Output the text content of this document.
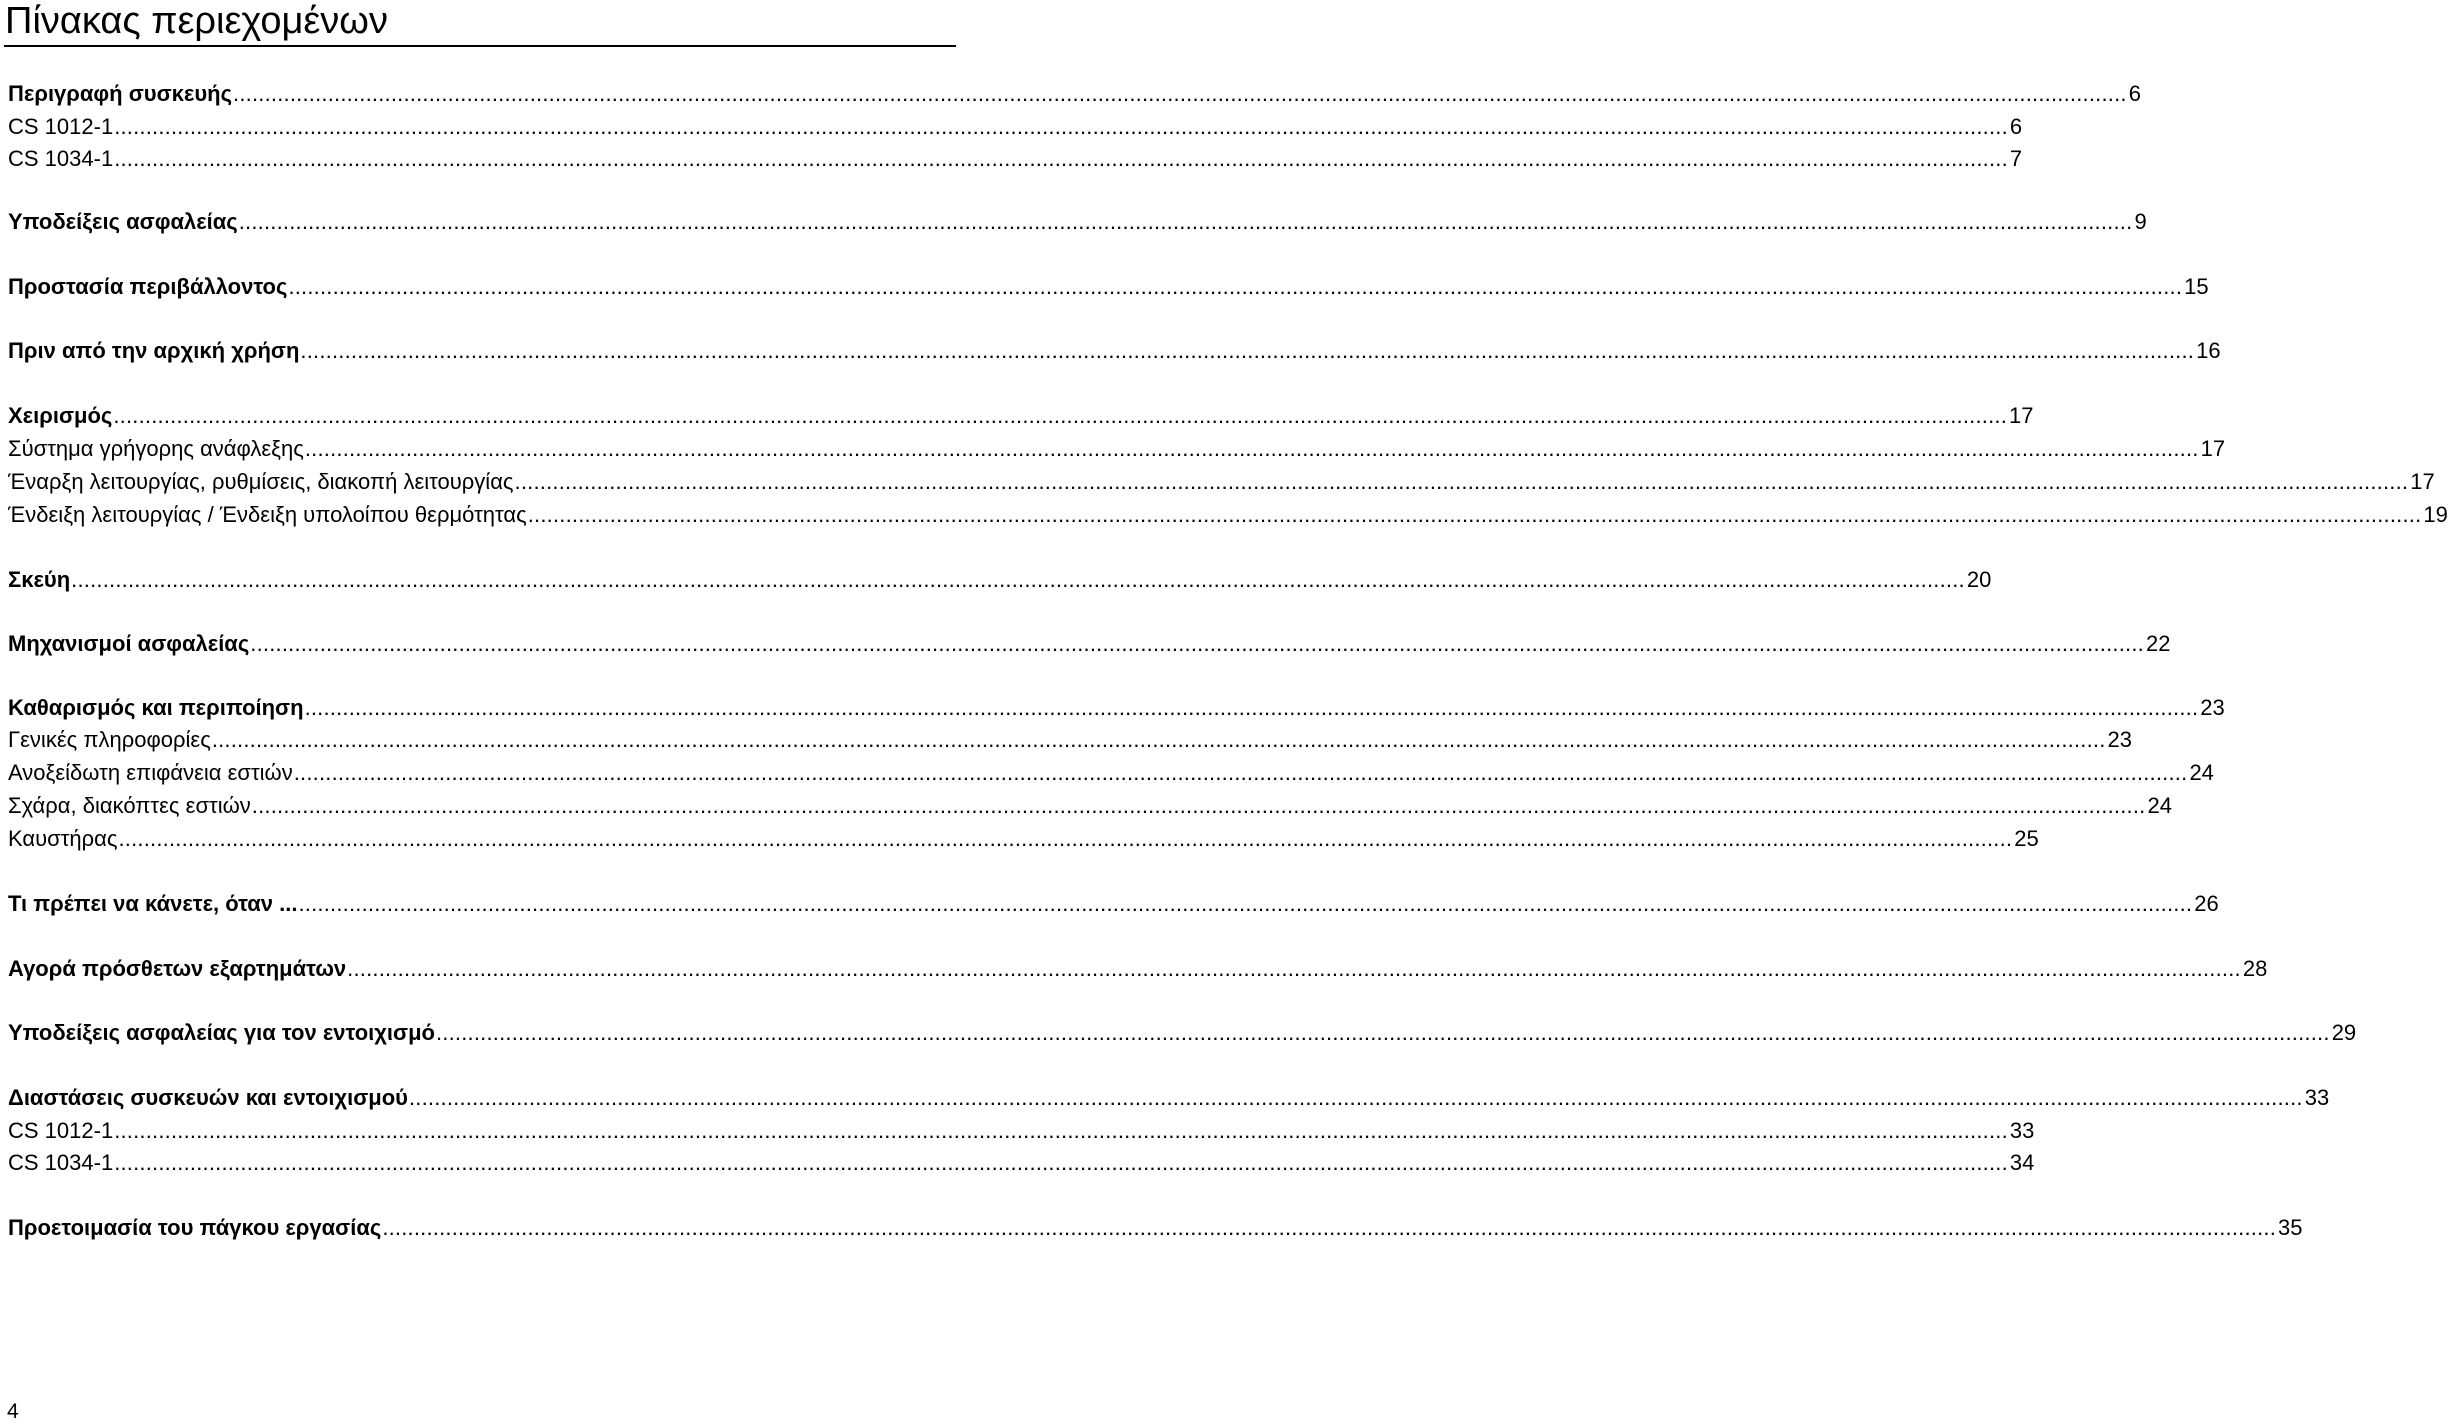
Πίνακας περιεχομένων
Περιγραφή συσκευής ............................................................................................................................................................................................................................................................................................................ 6
CS 1012-1 ............................................................................................................................................................................................................................................................................................................ 6
CS 1034-1 ............................................................................................................................................................................................................................................................................................................ 7
Υποδείξεις ασφαλείας ............................................................................................................................................................................................................................................................................................................ 9
Προστασία περιβάλλοντος ............................................................................................................................................................................................................................................................................................................ 15
Πριν από την αρχική χρήση ............................................................................................................................................................................................................................................................................................................ 16
Χειρισμός ............................................................................................................................................................................................................................................................................................................ 17
Σύστημα γρήγορης ανάφλεξης ............................................................................................................................................................................................................................................................................................................ 17
Έναρξη λειτουργίας, ρυθμίσεις, διακοπή λειτουργίας ............................................................................................................................................................................................................................................................................................................ 17
Ένδειξη λειτουργίας / Ένδειξη υπολοίπου θερμότητας ............................................................................................................................................................................................................................................................................................................ 19
Σκεύη ............................................................................................................................................................................................................................................................................................................ 20
Μηχανισμοί ασφαλείας ............................................................................................................................................................................................................................................................................................................ 22
Καθαρισμός και περιποίηση ............................................................................................................................................................................................................................................................................................................ 23
Γενικές πληροφορίες ............................................................................................................................................................................................................................................................................................................ 23
Ανοξείδωτη επιφάνεια εστιών ............................................................................................................................................................................................................................................................................................................ 24
Σχάρα, διακόπτες εστιών ............................................................................................................................................................................................................................................................................................................ 24
Καυστήρας ............................................................................................................................................................................................................................................................................................................ 25
Τι πρέπει να κάνετε, όταν ... ............................................................................................................................................................................................................................................................................................................ 26
Αγορά πρόσθετων εξαρτημάτων ............................................................................................................................................................................................................................................................................................................ 28
Υποδείξεις ασφαλείας για τον εντοιχισμό ............................................................................................................................................................................................................................................................................................................ 29
Διαστάσεις συσκευών και εντοιχισμού ............................................................................................................................................................................................................................................................................................................ 33
CS 1012-1 ............................................................................................................................................................................................................................................................................................................ 33
CS 1034-1 ............................................................................................................................................................................................................................................................................................................ 34
Προετοιμασία του πάγκου εργασίας ............................................................................................................................................................................................................................................................................................................ 35
4
